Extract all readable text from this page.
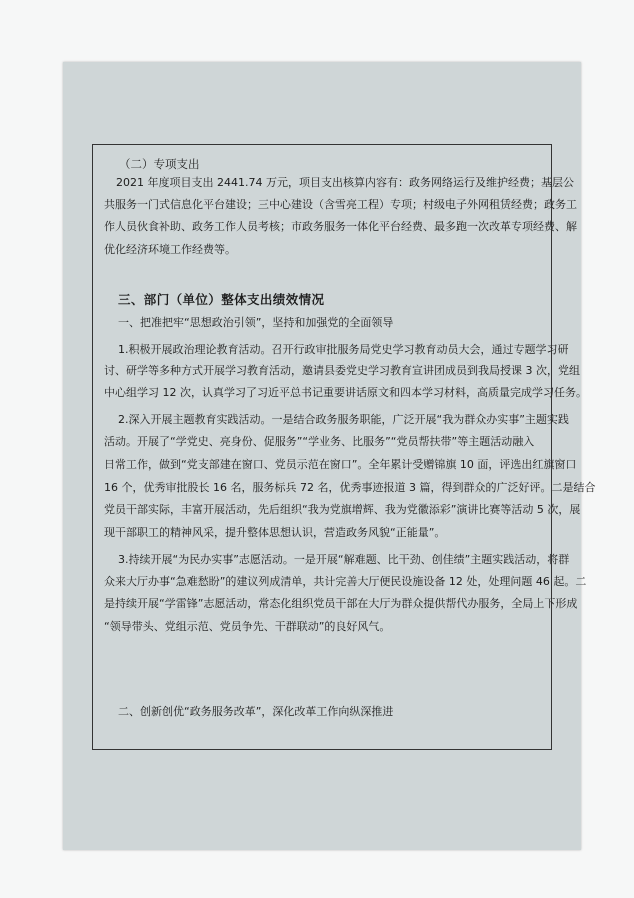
（二）专项支出
2021 年度项目支出 2441.74 万元，项目支出核算内容有：政务网络运行及维护经费；基层公
共服务一门式信息化平台建设；三中心建设（含雪亮工程）专项；村级电子外网租赁经费；政务工
作人员伙食补助、政务工作人员考核；市政务服务一体化平台经费、最多跑一次改革专项经费、解
优化经济环境工作经费等。
三、部门（单位）整体支出绩效情况
一、把准把牢“思想政治引领”，坚持和加强党的全面领导
1.积极开展政治理论教育活动。召开行政审批服务局党史学习教育动员大会，通过专题学习研
讨、研学等多种方式开展学习教育活动，邀请县委党史学习教育宣讲团成员到我局授课 3 次，党组
中心组学习 12 次，认真学习了习近平总书记重要讲话原文和四本学习材料，高质量完成学习任务。
2.深入开展主题教育实践活动。一是结合政务服务职能，广泛开展“我为群众办实事”主题实践
活动。开展了“学党史、亮身份、促服务”“学业务、比服务”“党员帮扶带”等主题活动融入
日常工作，做到“党支部建在窗口、党员示范在窗口”。全年累计受赠锦旗 10 面，评选出红旗窗口
16 个，优秀审批股长 16 名，服务标兵 72 名，优秀事迹报道 3 篇，得到群众的广泛好评。二是结合
党员干部实际，丰富开展活动，先后组织“我为党旗增辉、我为党徽添彩”演讲比赛等活动 5 次，展
现干部职工的精神风采，提升整体思想认识，营造政务风貌“正能量”。
3.持续开展“为民办实事”志愿活动。一是开展“解难题、比干劲、创佳绩”主题实践活动，将群
众来大厅办事“急难愁盼”的建议列成清单，共计完善大厅便民设施设备 12 处，处理问题 46 起。二
是持续开展“学雷锋”志愿活动，常态化组织党员干部在大厅为群众提供帮代办服务，全局上下形成
“领导带头、党组示范、党员争先、干群联动”的良好风气。
二、创新创优“政务服务改革”，深化改革工作向纵深推进
